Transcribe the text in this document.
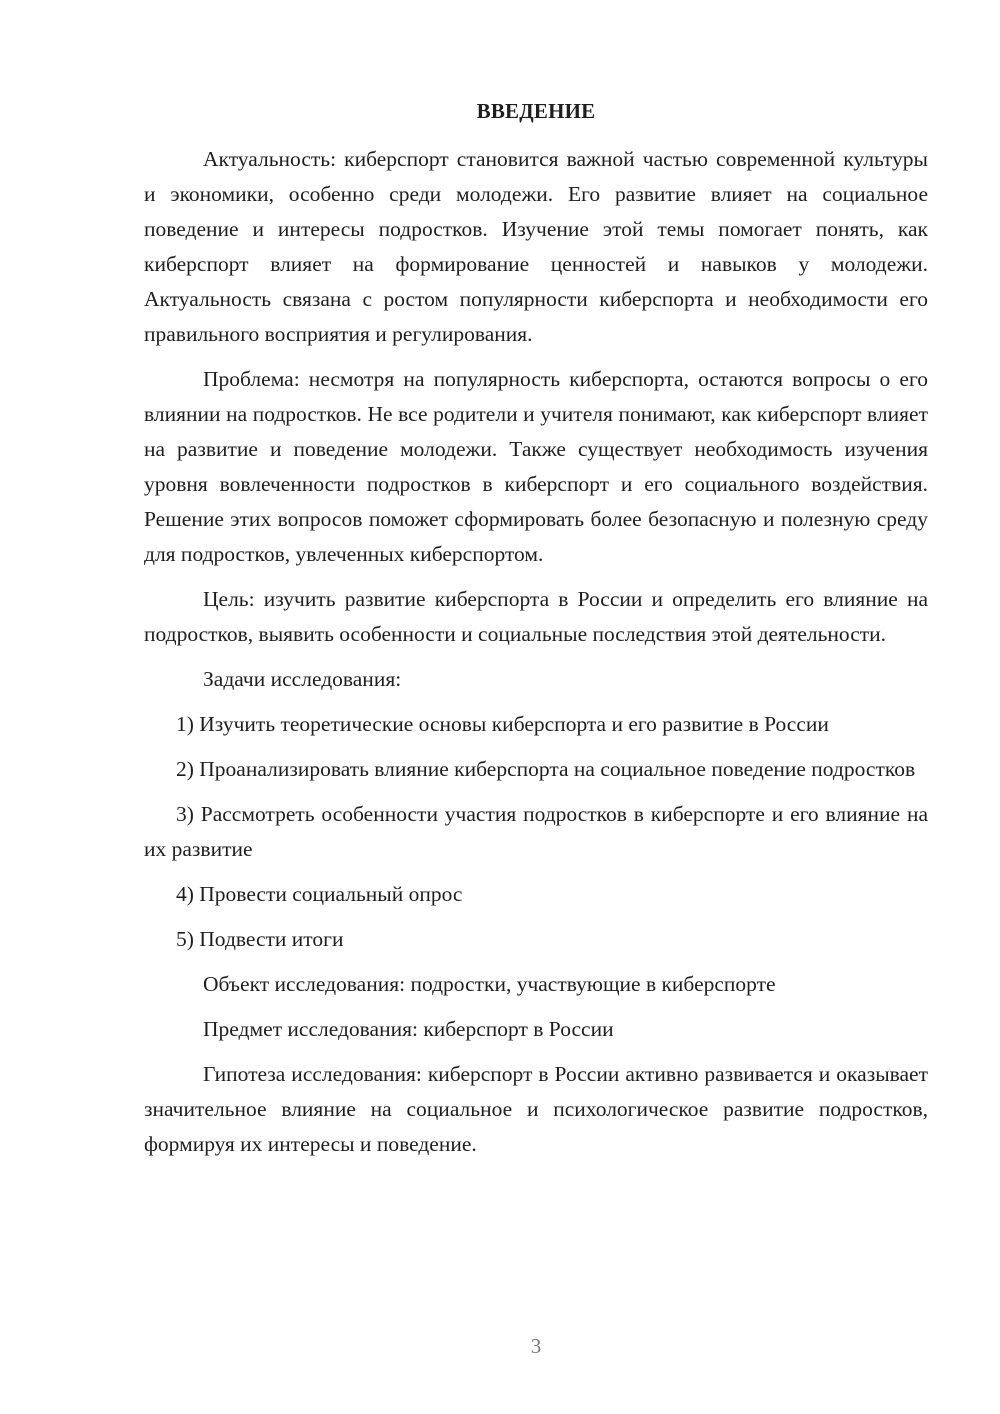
ВВЕДЕНИЕ

Актуальность: киберспорт становится важной частью современной культуры и экономики, особенно среди молодежи. Его развитие влияет на социальное поведение и интересы подростков. Изучение этой темы помогает понять, как киберспорт влияет на формирование ценностей и навыков у молодежи. Актуальность связана с ростом популярности киберспорта и необходимости его правильного восприятия и регулирования.

Проблема: несмотря на популярность киберспорта, остаются вопросы о его влиянии на подростков. Не все родители и учителя понимают, как киберспорт влияет на развитие и поведение молодежи. Также существует необходимость изучения уровня вовлеченности подростков в киберспорт и его социального воздействия. Решение этих вопросов поможет сформировать более безопасную и полезную среду для подростков, увлеченных киберспортом.

Цель: изучить развитие киберспорта в России и определить его влияние на подростков, выявить особенности и социальные последствия этой деятельности.

Задачи исследования:

1) Изучить теоретические основы киберспорта и его развитие в России

2) Проанализировать влияние киберспорта на социальное поведение подростков

3) Рассмотреть особенности участия подростков в киберспорте и его влияние на их развитие

4) Провести социальный опрос

5) Подвести итоги

Объект исследования: подростки, участвующие в киберспорте

Предмет исследования: киберспорт в России

Гипотеза исследования: киберспорт в России активно развивается и оказывает значительное влияние на социальное и психологическое развитие подростков, формируя их интересы и поведение.

3
